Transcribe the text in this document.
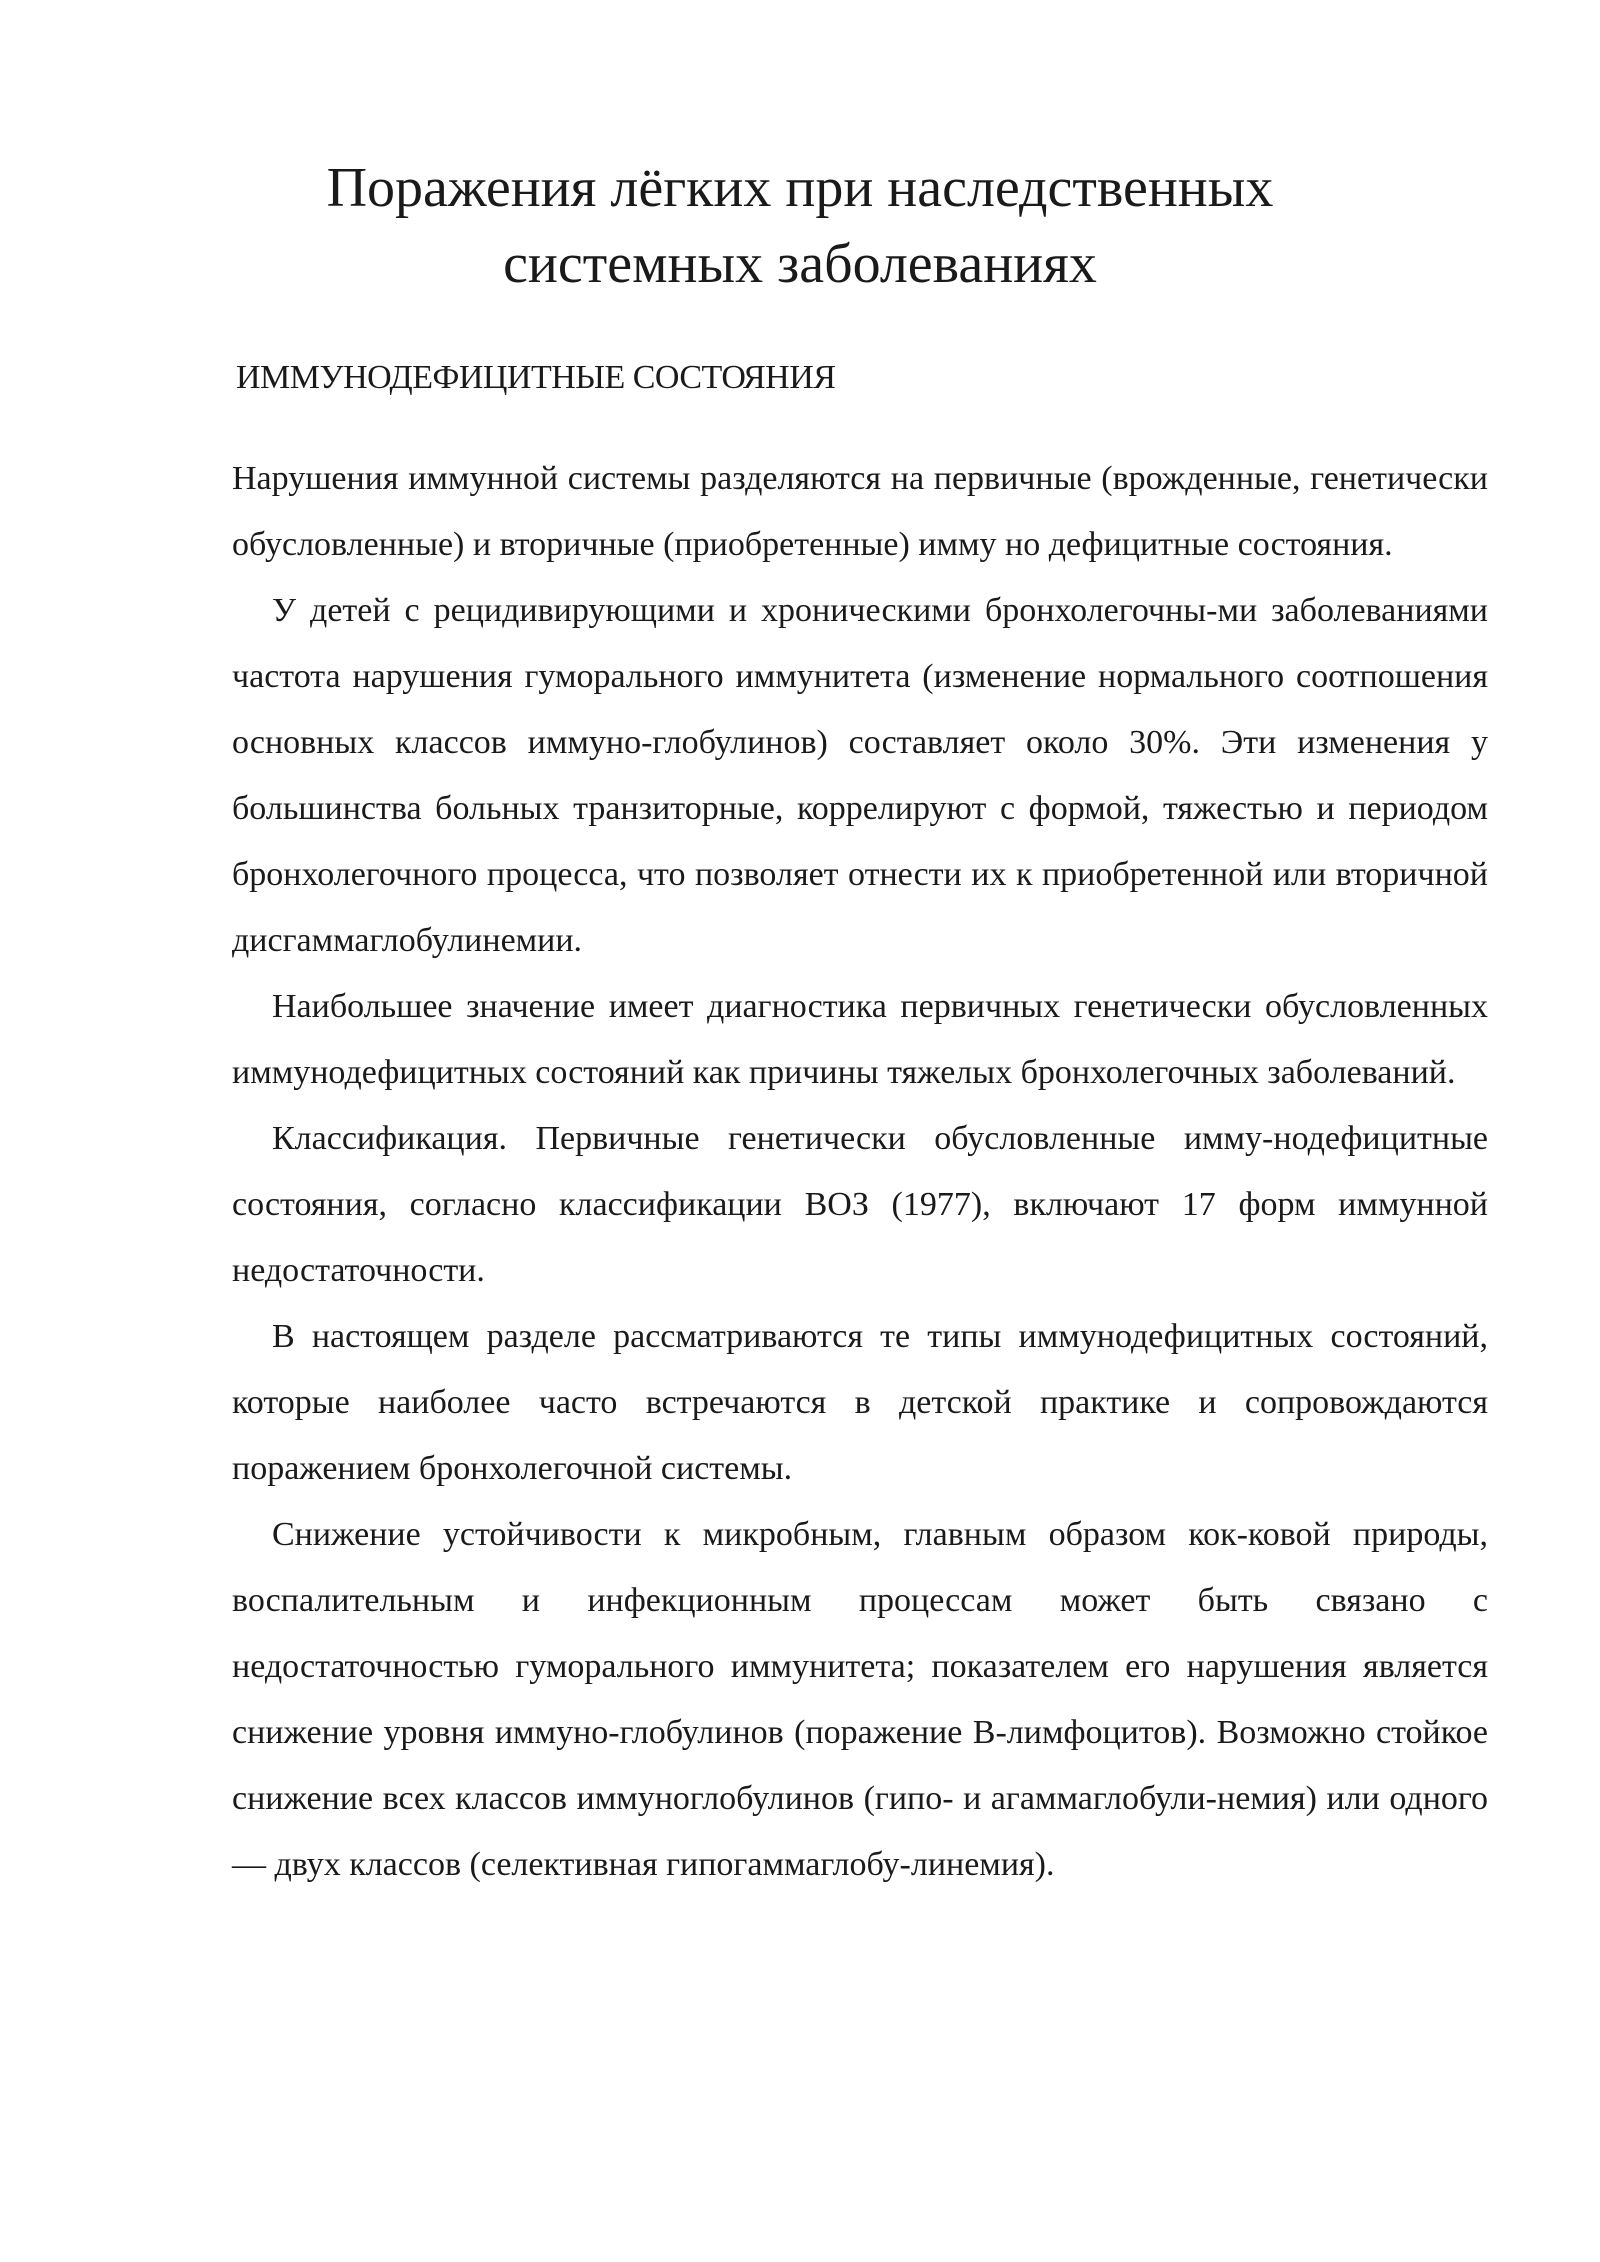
Поражения лёгких при наследственных
системных заболеваниях
ИММУНОДЕФИЦИТНЫЕ СОСТОЯНИЯ

Нарушения иммунной системы разделяются на первичные (врожденные, генетически обусловленные) и вторичные (приобретенные) имму но дефицитные состояния.

У детей с рецидивирующими и хроническими бронхолегочны-ми заболеваниями частота нарушения гуморального иммунитета (изменение нормального соотпошения основных классов иммуно-глобулинов) составляет около 30%. Эти изменения у большинства больных транзиторные, коррелируют с формой, тяжестью и периодом бронхолегочного процесса, что позволяет отнести их к приобретенной или вторичной дисгаммаглобулинемии.

Наибольшее значение имеет диагностика первичных генетически обусловленных иммунодефицитных состояний как причины тяжелых бронхолегочных заболеваний.

Классификация. Первичные генетически обусловленные имму-нодефицитные состояния, согласно классификации ВОЗ (1977), включают 17 форм иммунной недостаточности.

В настоящем разделе рассматриваются те типы иммунодефицитных состояний, которые наиболее часто встречаются в детской практике и сопровождаются поражением бронхолегочной системы.

Снижение устойчивости к микробным, главным образом кок-ковой природы, воспалительным и инфекционным процессам может быть связано с недостаточностью гуморального иммунитета; показателем его нарушения является снижение уровня иммуно-глобулинов (поражение В-лимфоцитов). Возможно стойкое снижение всех классов иммуноглобулинов (гипо- и агаммаглобули-немия) или одного — двух классов (селективная гипогаммаглобу-линемия).
